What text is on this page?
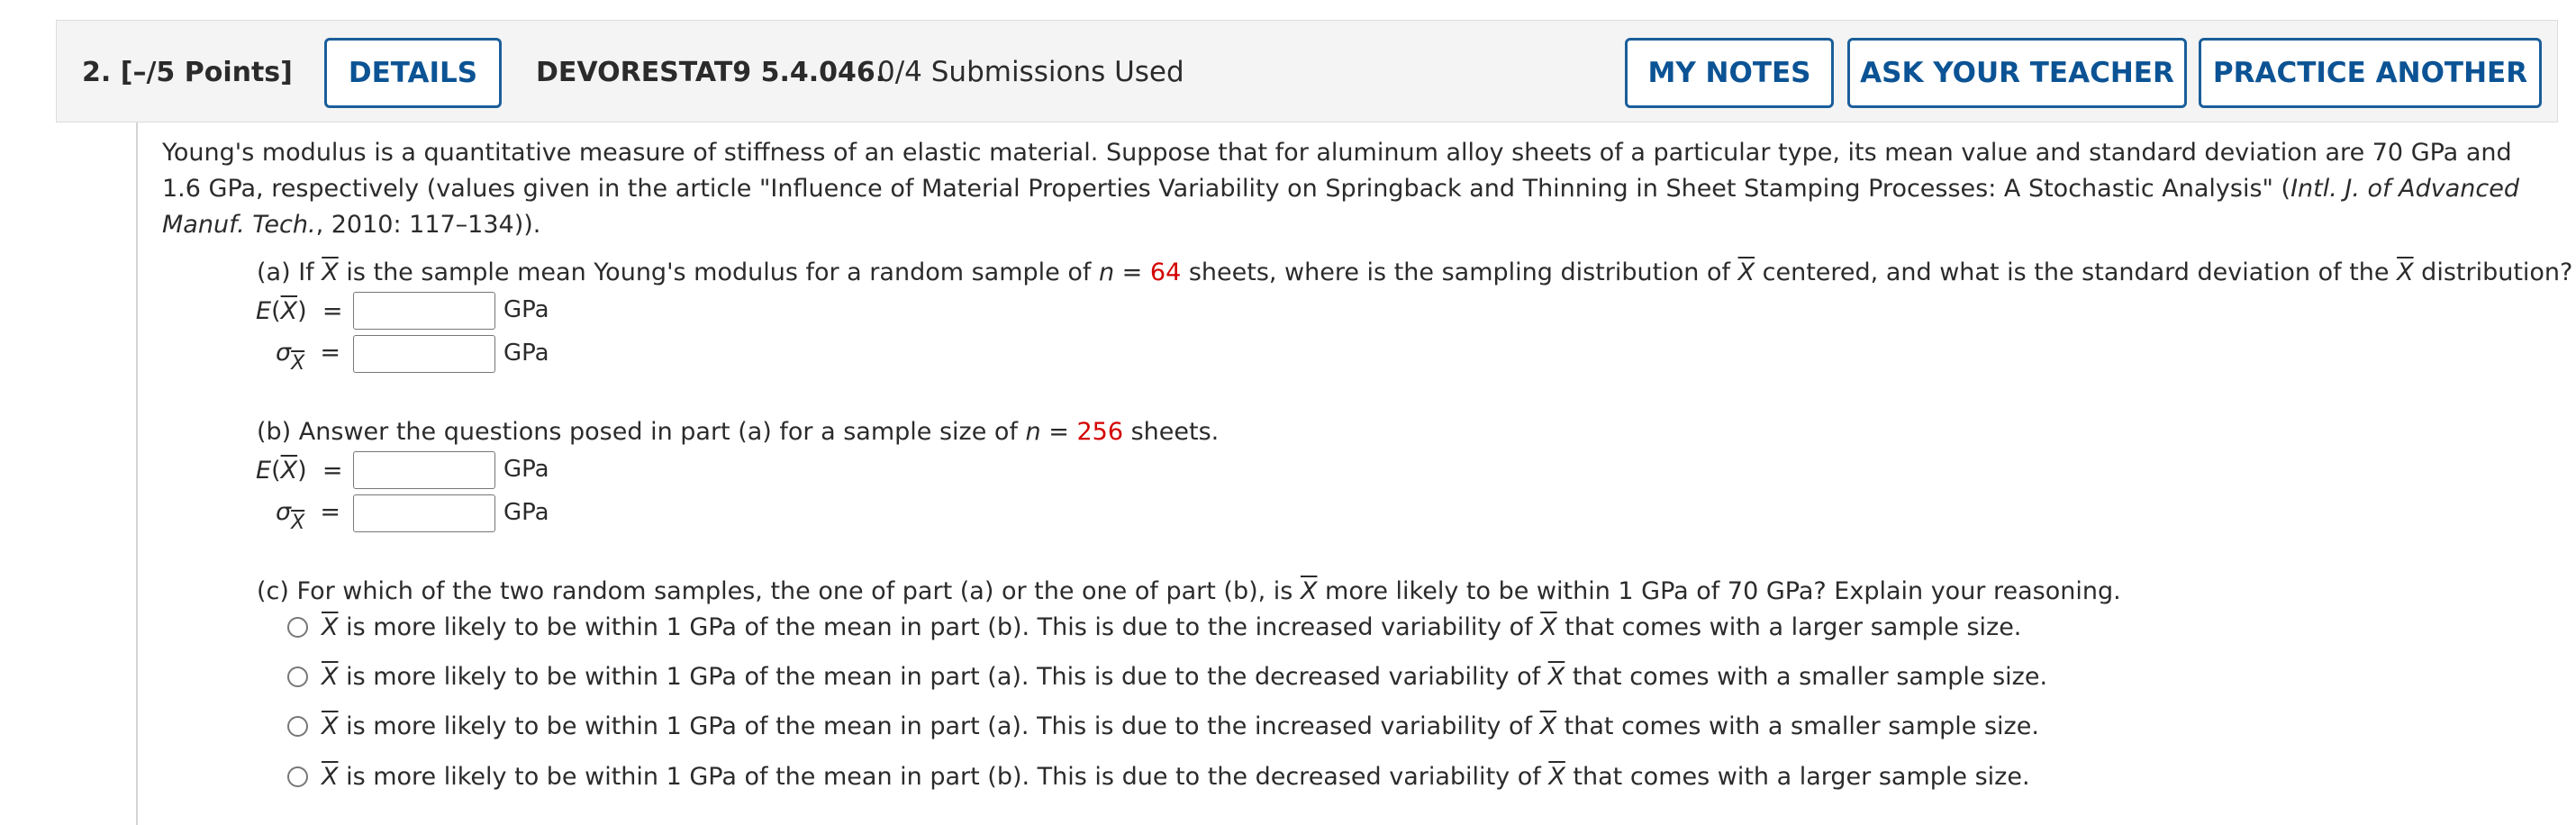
2. [–/5 Points]	DETAILS	DEVORESTAT9 5.4.046.
0/4 Submissions Used	MY NOTES	ASK YOUR TEACHER	PRACTICE ANOTHER
Young's modulus is a quantitative measure of stiffness of an elastic material. Suppose that for aluminum alloy sheets of a particular type, its mean value and standard deviation are 70 GPa and
1.6 GPa, respectively (values given in the article "Influence of Material Properties Variability on Springback and Thinning in Sheet Stamping Processes: A Stochastic Analysis" (Intl. J. of Advanced
Manuf. Tech., 2010: 117–134)).
(a) If $\overline{X}$ is the sample mean Young's modulus for a random sample of n = 64 sheets, where is the sampling distribution of $\overline{X}$ centered, and what is the standard deviation of the $\overline{X}$ distribution?
$E(\overline{X})$  =	GPa
$\sigma_{\overline{X}}$ =	GPa
(b) Answer the questions posed in part (a) for a sample size of n = 256 sheets.
$E(\overline{X})$  =	GPa
$\sigma_{\overline{X}}$ =	GPa
(c) For which of the two random samples, the one of part (a) or the one of part (b), is $\overline{X}$ more likely to be within 1 GPa of 70 GPa? Explain your reasoning.
$\overline{X}$ is more likely to be within 1 GPa of the mean in part (b). This is due to the increased variability of $\overline{X}$ that comes with a larger sample size.
$\overline{X}$ is more likely to be within 1 GPa of the mean in part (a). This is due to the decreased variability of $\overline{X}$ that comes with a smaller sample size.
$\overline{X}$ is more likely to be within 1 GPa of the mean in part (a). This is due to the increased variability of $\overline{X}$ that comes with a smaller sample size.
$\overline{X}$ is more likely to be within 1 GPa of the mean in part (b). This is due to the decreased variability of $\overline{X}$ that comes with a larger sample size.
